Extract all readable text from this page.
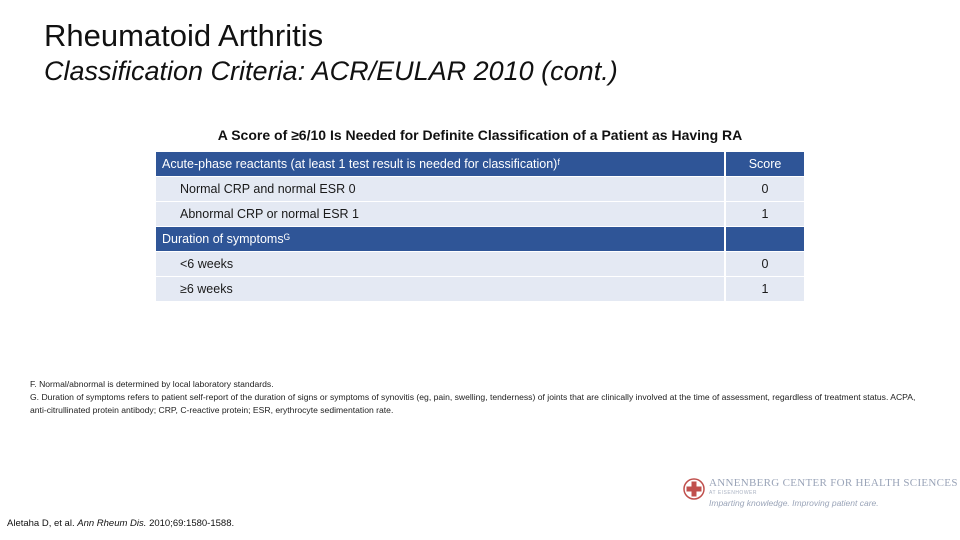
Rheumatoid Arthritis
Classification Criteria: ACR/EULAR 2010 (cont.)
A Score of ≥6/10 Is Needed for Definite Classification of a Patient as Having RA
Acute-phase reactants (at least 1 test result is needed for classification)ᶠ	Score
Normal CRP and normal ESR 0	0
Abnormal CRP or normal ESR 1	1
Duration of symptomsᴳ	
<6 weeks	0
≥6 weeks	1

F. Normal/abnormal is determined by local laboratory standards.

G. Duration of symptoms refers to patient self-report of the duration of signs or symptoms of synovitis (eg, pain, swelling, tenderness) of joints that are clinically involved at the time of assessment, regardless of treatment status. ACPA, anti-citrullinated protein antibody; CRP, C-reactive protein; ESR, erythrocyte sedimentation rate.

ANNENBERG CENTER FOR HEALTH SCIENCES
AT EISENHOWER
Imparting knowledge. Improving patient care.
Aletaha D, et al. Ann Rheum Dis. 2010;69:1580-1588.
